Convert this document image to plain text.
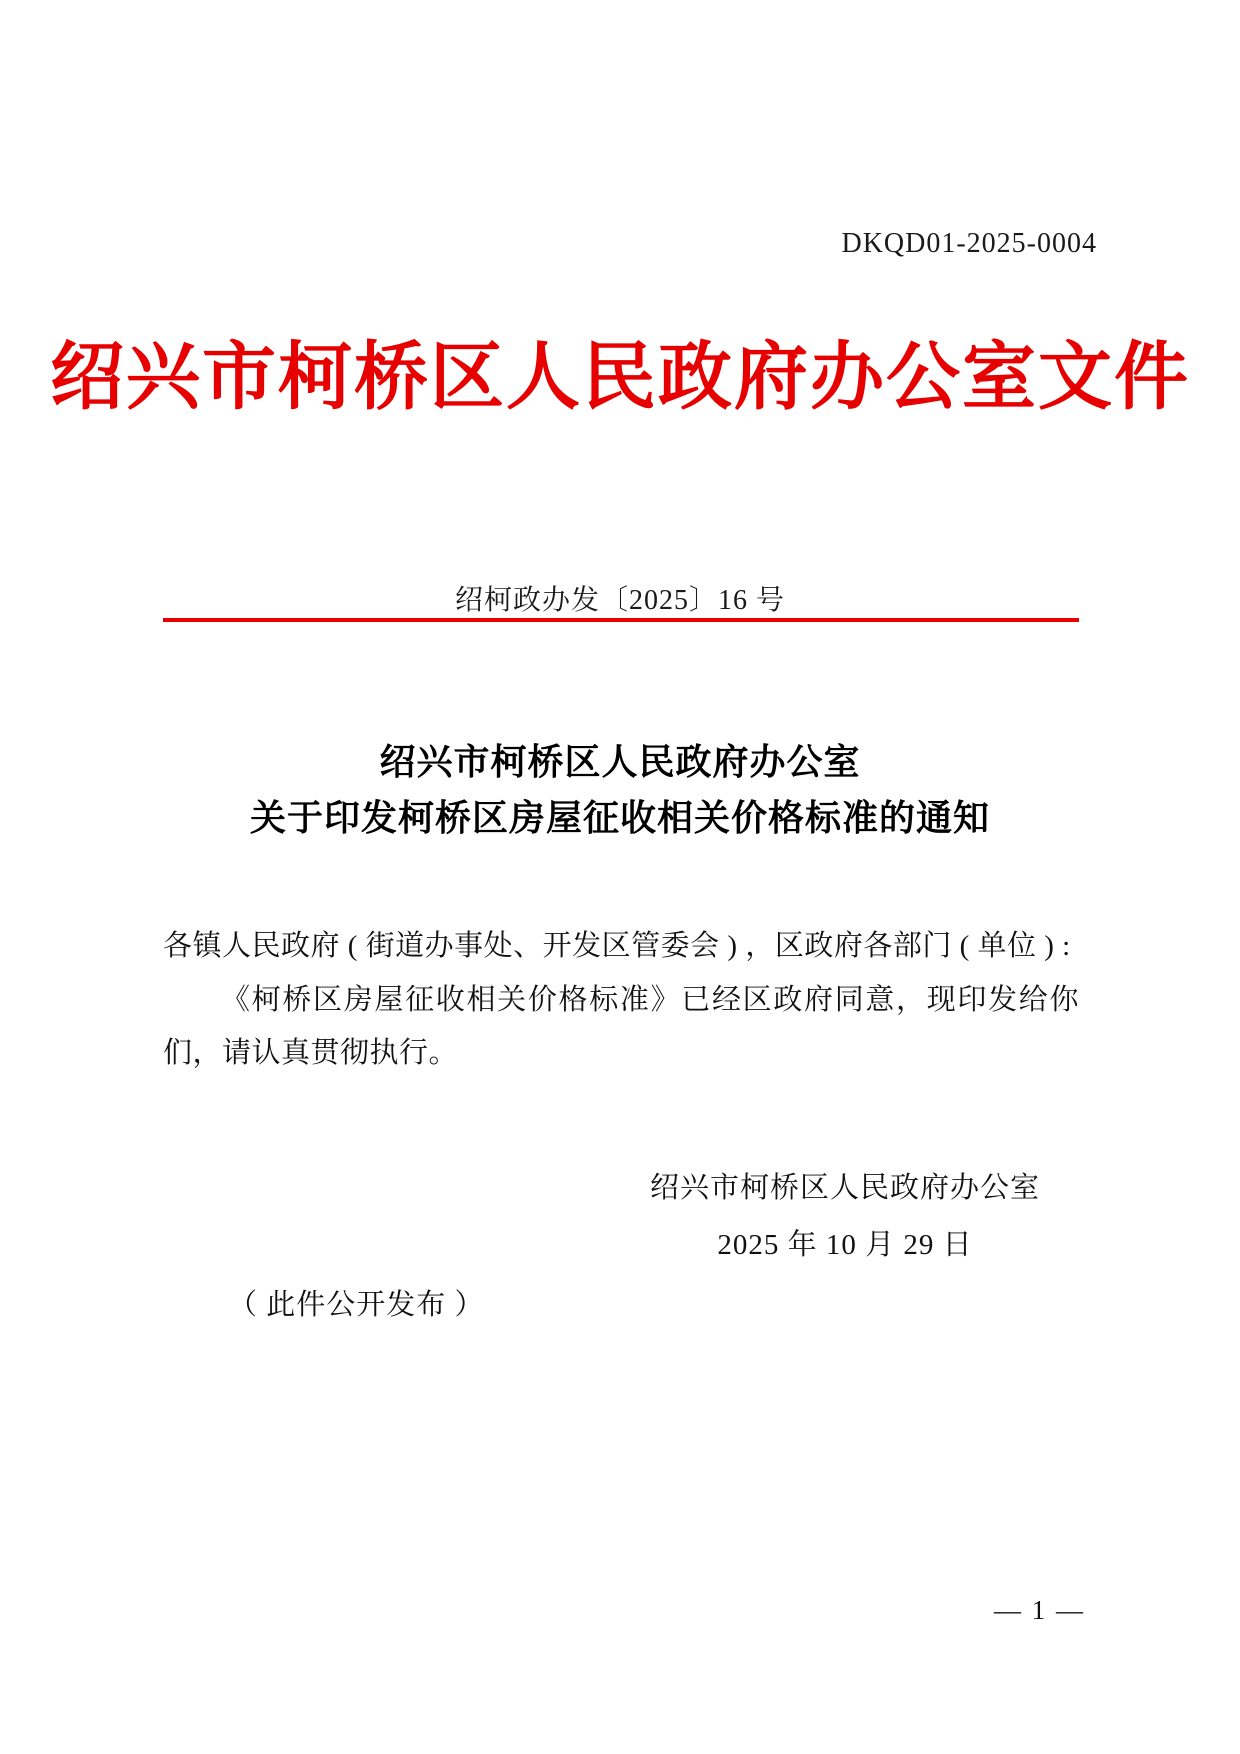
DKQD01-2025-0004
绍兴市柯桥区人民政府办公室文件
绍柯政办发〔2025〕16 号
绍兴市柯桥区人民政府办公室
关于印发柯桥区房屋征收相关价格标准的通知

各镇人民政府 ( 街道办事处、开发区管委会 ) ，区政府各部门 ( 单位 ) :

《柯桥区房屋征收相关价格标准》已经区政府同意，现印发给你们，请认真贯彻执行。

绍兴市柯桥区人民政府办公室
2025 年 10 月 29 日
（ 此件公开发布 ）
— 1 —
